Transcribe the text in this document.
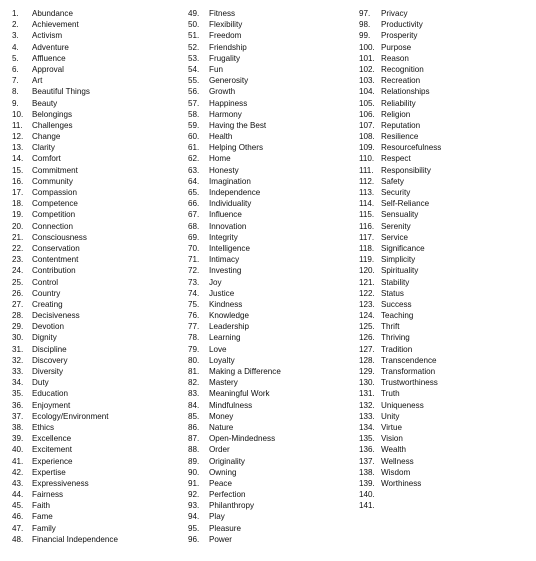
1.	Abundance
2.	Achievement
3.	Activism
4.	Adventure
5.	Affluence
6.	Approval
7.	Art
8.	Beautiful Things
9.	Beauty
10.	Belongings
11.	Challenges
12.	Change
13.	Clarity
14.	Comfort
15.	Commitment
16.	Community
17.	Compassion
18.	Competence
19.	Competition
20.	Connection
21.	Consciousness
22.	Conservation
23.	Contentment
24.	Contribution
25.	Control
26.	Country
27.	Creating
28.	Decisiveness
29.	Devotion
30.	Dignity
31.	Discipline
32.	Discovery
33.	Diversity
34.	Duty
35.	Education
36.	Enjoyment
37.	Ecology/Environment
38.	Ethics
39.	Excellence
40.	Excitement
41.	Experience
42.	Expertise
43.	Expressiveness
44.	Fairness
45.	Faith
46.	Fame
47.	Family
48.	Financial Independence
49.	Fitness
50.	Flexibility
51.	Freedom
52.	Friendship
53.	Frugality
54.	Fun
55.	Generosity
56.	Growth
57.	Happiness
58.	Harmony
59.	Having the Best
60.	Health
61.	Helping Others
62.	Home
63.	Honesty
64.	Imagination
65.	Independence
66.	Individuality
67.	Influence
68.	Innovation
69.	Integrity
70.	Intelligence
71.	Intimacy
72.	Investing
73.	Joy
74.	Justice
75.	Kindness
76.	Knowledge
77.	Leadership
78.	Learning
79.	Love
80.	Loyalty
81.	Making a Difference
82.	Mastery
83.	Meaningful Work
84.	Mindfulness
85.	Money
86.	Nature
87.	Open-Mindedness
88.	Order
89.	Originality
90.	Owning
91.	Peace
92.	Perfection
93.	Philanthropy
94.	Play
95.	Pleasure
96.	Power
97.	Privacy
98.	Productivity
99.	Prosperity
100. Purpose
101. Reason
102. Recognition
103. Recreation
104. Relationships
105. Reliability
106. Religion
107. Reputation
108. Resilience
109. Resourcefulness
110. Respect
111. Responsibility
112. Safety
113. Security
114. Self-Reliance
115. Sensuality
116. Serenity
117. Service
118. Significance
119. Simplicity
120. Spirituality
121. Stability
122. Status
123. Success
124. Teaching
125. Thrift
126. Thriving
127. Tradition
128. Transcendence
129. Transformation
130. Trustworthiness
131. Truth
132. Uniqueness
133. Unity
134. Virtue
135. Vision
136. Wealth
137. Wellness
138. Wisdom
139. Worthiness
140.
141.
